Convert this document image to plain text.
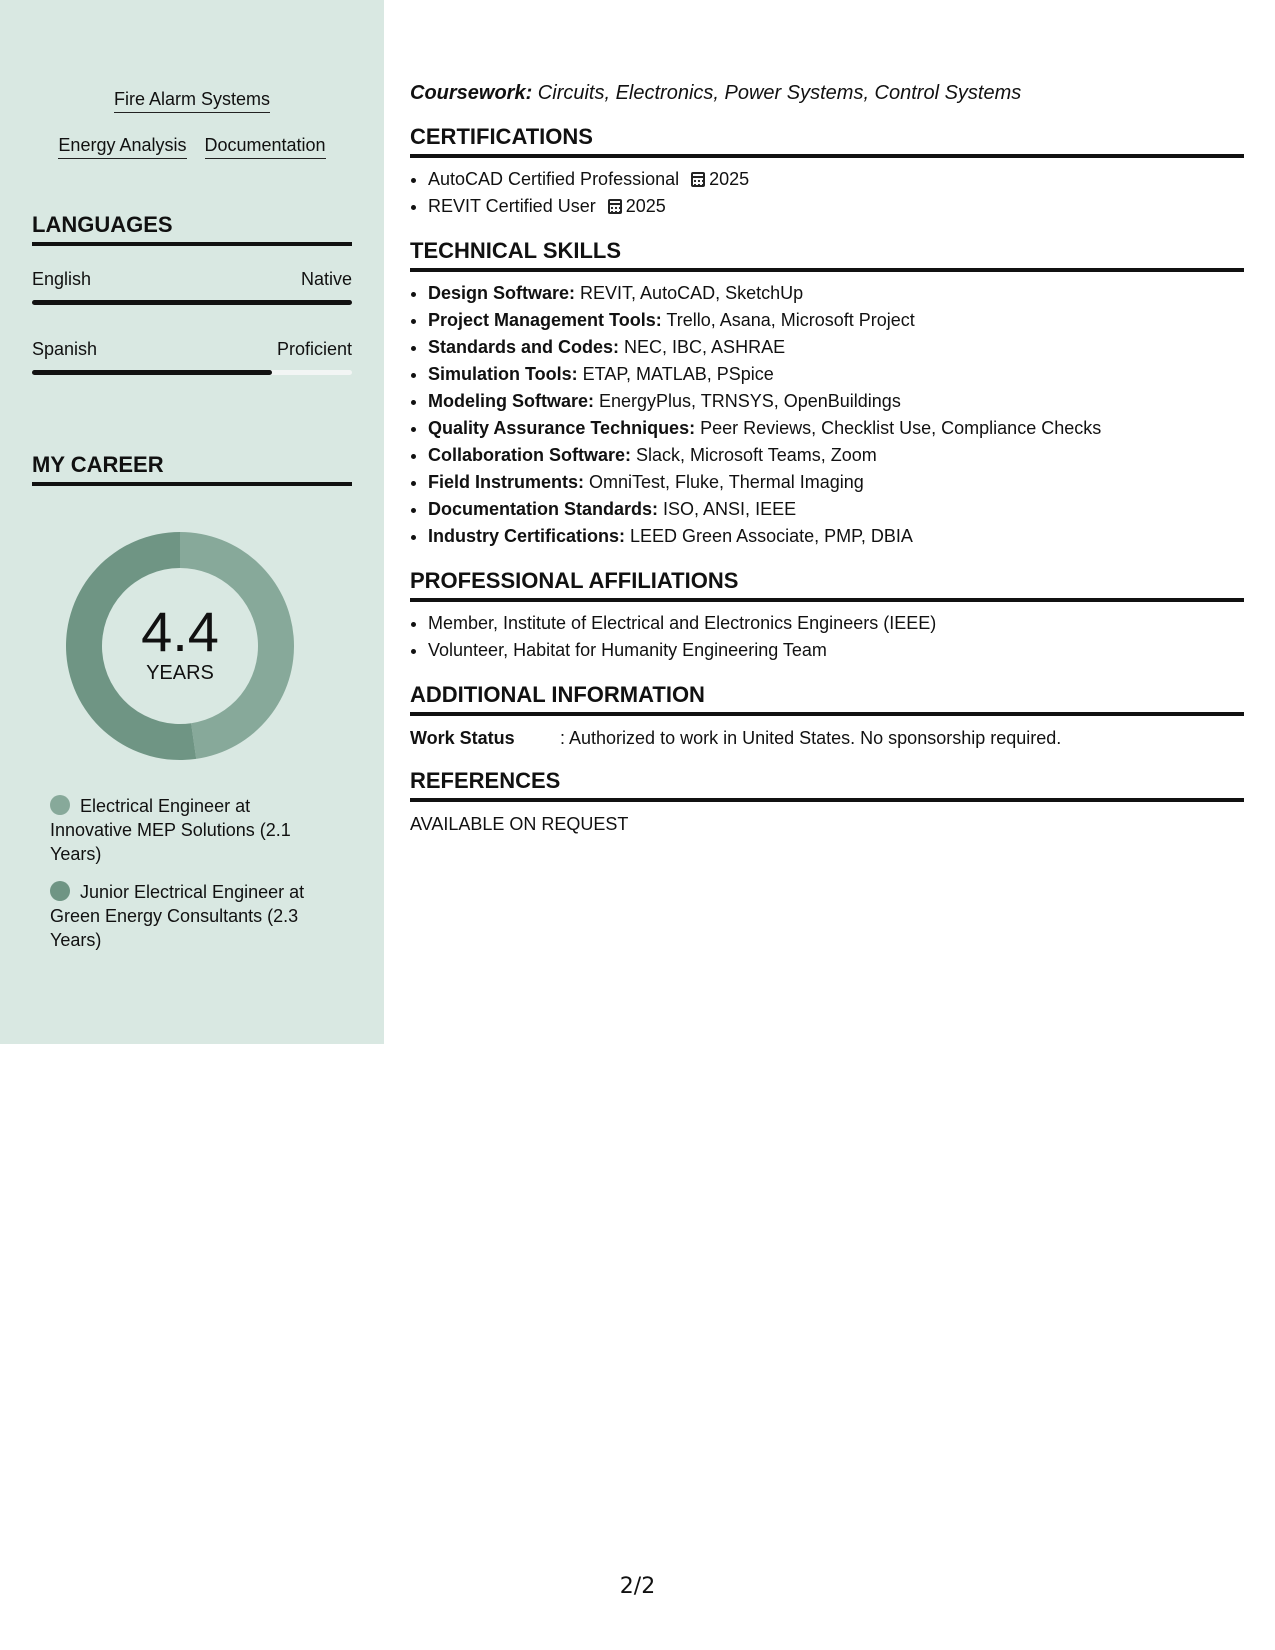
Fire Alarm Systems
Energy Analysis Documentation
LANGUAGES
English	Native
Spanish	Proficient
MY CAREER
4.4
YEARS
Electrical Engineer at Innovative MEP Solutions (2.1 Years)
Junior Electrical Engineer at Green Energy Consultants (2.3 Years)
Coursework: Circuits, Electronics, Power Systems, Control Systems
CERTIFICATIONS
• AutoCAD Certified Professional 2025
• REVIT Certified User 2025
TECHNICAL SKILLS
• Design Software: REVIT, AutoCAD, SketchUp
• Project Management Tools: Trello, Asana, Microsoft Project
• Standards and Codes: NEC, IBC, ASHRAE
• Simulation Tools: ETAP, MATLAB, PSpice
• Modeling Software: EnergyPlus, TRNSYS, OpenBuildings
• Quality Assurance Techniques: Peer Reviews, Checklist Use, Compliance Checks
• Collaboration Software: Slack, Microsoft Teams, Zoom
• Field Instruments: OmniTest, Fluke, Thermal Imaging
• Documentation Standards: ISO, ANSI, IEEE
• Industry Certifications: LEED Green Associate, PMP, DBIA
PROFESSIONAL AFFILIATIONS
• Member, Institute of Electrical and Electronics Engineers (IEEE)
• Volunteer, Habitat for Humanity Engineering Team
ADDITIONAL INFORMATION
Work Status	: Authorized to work in United States. No sponsorship required.
REFERENCES
AVAILABLE ON REQUEST
2/2
